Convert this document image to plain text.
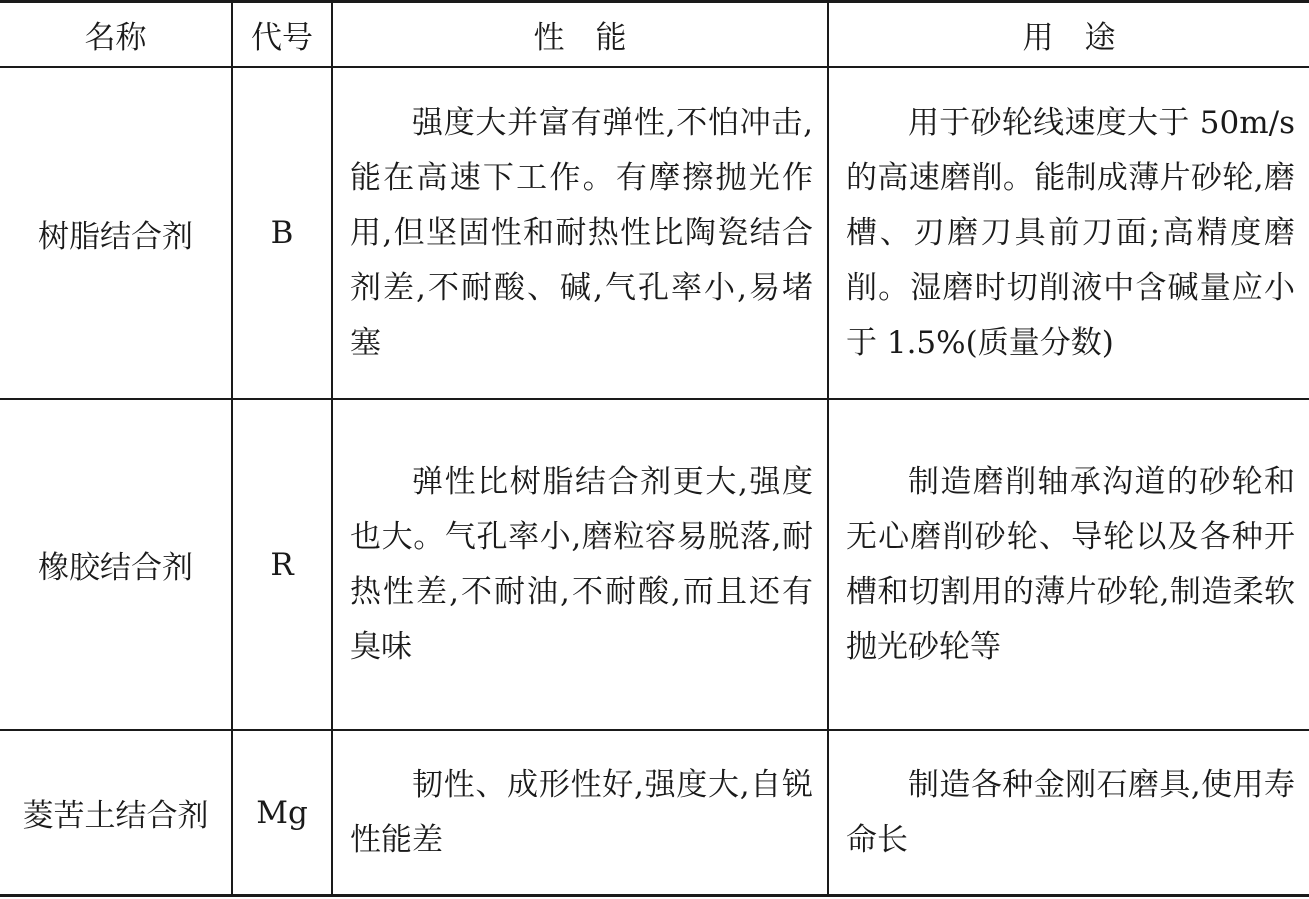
名称	代号	性　能	用　途
树脂结合剂	B	强度大并富有弹性,不怕冲击,能在高速下工作。有摩擦抛光作用,但坚固性和耐热性比陶瓷结合剂差,不耐酸、碱,气孔率小,易堵塞	用于砂轮线速度大于 50m/s 的高速磨削。能制成薄片砂轮,磨槽、刃磨刀具前刀面;高精度磨削。湿磨时切削液中含碱量应小于 1.5%(质量分数)

橡胶结合剂	R	弹性比树脂结合剂更大,强度也大。气孔率小,磨粒容易脱落,耐热性差,不耐油,不耐酸,而且还有臭味	制造磨削轴承沟道的砂轮和无心磨削砂轮、导轮以及各种开槽和切割用的薄片砂轮,制造柔软抛光砂轮等

菱苦土结合剂	Mg	韧性、成形性好,强度大,自锐性能差	制造各种金刚石磨具,使用寿命长
